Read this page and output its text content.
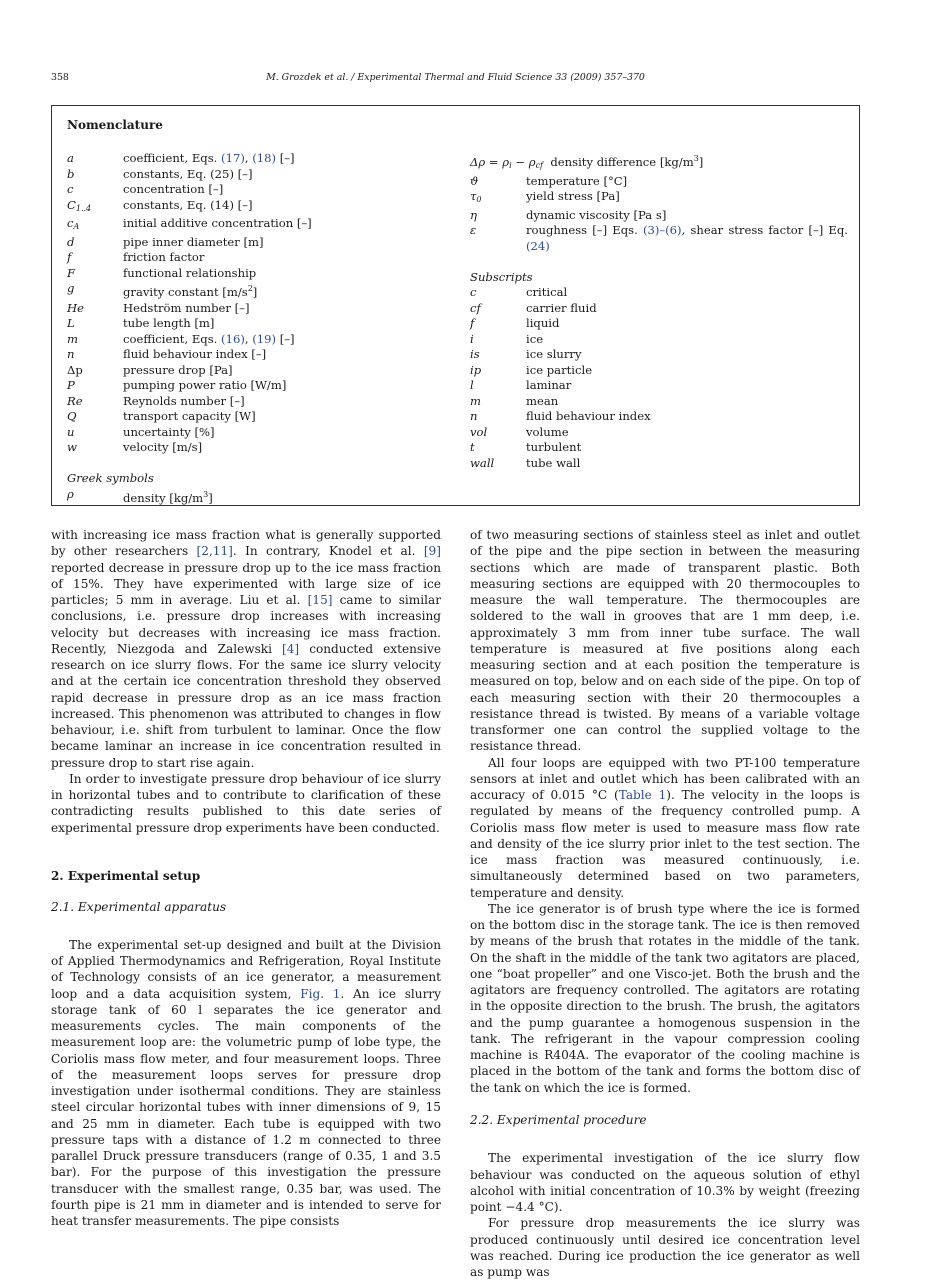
358	M. Grozdek et al. / Experimental Thermal and Fluid Science 33 (2009) 357–370
Nomenclature
a	coefficient, Eqs. (17), (18) [–]
b	constants, Eq. (25) [–]
c	concentration [–]
C1..4	constants, Eq. (14) [–]
cA	initial additive concentration [–]
d	pipe inner diameter [m]
f	friction factor
F	functional relationship
g	gravity constant $[m/s^2]$
He	Hedström number [–]
L	tube length [m]
m	coefficient, Eqs. (16), (19) [–]
n	fluid behaviour index [–]
Δp	pressure drop [Pa]
P	pumping power ratio [W/m]
Re	Reynolds number [–]
Q	transport capacity [W]
u	uncertainty [%]
w	velocity [m/s]
Greek symbols
ρ	density $[kg/m^3]$
Δρ = ρi − ρcf density difference $[kg/m^3]$
ϑ	temperature [°C]
τ0	yield stress [Pa]
η	dynamic viscosity [Pa s]
ε	roughness [–] Eqs. (3)–(6), shear stress factor [–] Eq. (24)
Subscripts
c	critical
cf	carrier fluid
f	liquid
i	ice
is	ice slurry
ip	ice particle
l	laminar
m	mean
n	fluid behaviour index
vol	volume
t	turbulent
wall	tube wall

with increasing ice mass fraction what is generally supported by other researchers [2,11]. In contrary, Knodel et al. [9] reported decrease in pressure drop up to the ice mass fraction of 15%. They have experimented with large size of ice particles; 5 mm in average. Liu et al. [15] came to similar conclusions, i.e. pressure drop increases with increasing velocity but decreases with increasing ice mass fraction. Recently, Niezgoda and Zalewski [4] conducted extensive research on ice slurry flows. For the same ice slurry velocity and at the certain ice concentration threshold they observed rapid decrease in pressure drop as an ice mass fraction increased. This phenomenon was attributed to changes in flow behaviour, i.e. shift from turbulent to laminar. Once the flow became laminar an increase in ice concentration resulted in pressure drop to start rise again.

In order to investigate pressure drop behaviour of ice slurry in horizontal tubes and to contribute to clarification of these contradicting results published to this date series of experimental pressure drop experiments have been conducted.

2. Experimental setup

2.1. Experimental apparatus

The experimental set-up designed and built at the Division of Applied Thermodynamics and Refrigeration, Royal Institute of Technology consists of an ice generator, a measurement loop and a data acquisition system, Fig. 1. An ice slurry storage tank of 60 l separates the ice generator and measurements cycles. The main components of the measurement loop are: the volumetric pump of lobe type, the Coriolis mass flow meter, and four measurement loops. Three of the measurement loops serves for pressure drop investigation under isothermal conditions. They are stainless steel circular horizontal tubes with inner dimensions of 9, 15 and 25 mm in diameter. Each tube is equipped with two pressure taps with a distance of 1.2 m connected to three parallel Druck pressure transducers (range of 0.35, 1 and 3.5 bar). For the purpose of this investigation the pressure transducer with the smallest range, 0.35 bar, was used. The fourth pipe is 21 mm in diameter and is intended to serve for heat transfer measurements. The pipe consists

of two measuring sections of stainless steel as inlet and outlet of the pipe and the pipe section in between the measuring sections which are made of transparent plastic. Both measuring sections are equipped with 20 thermocouples to measure the wall temperature. The thermocouples are soldered to the wall in grooves that are 1 mm deep, i.e. approximately 3 mm from inner tube surface. The wall temperature is measured at five positions along each measuring section and at each position the temperature is measured on top, below and on each side of the pipe. On top of each measuring section with their 20 thermocouples a resistance thread is twisted. By means of a variable voltage transformer one can control the supplied voltage to the resistance thread.

All four loops are equipped with two PT-100 temperature sensors at inlet and outlet which has been calibrated with an accuracy of 0.015 °C (Table 1). The velocity in the loops is regulated by means of the frequency controlled pump. A Coriolis mass flow meter is used to measure mass flow rate and density of the ice slurry prior inlet to the test section. The ice mass fraction was measured continuously, i.e. simultaneously determined based on two parameters, temperature and density.

The ice generator is of brush type where the ice is formed on the bottom disc in the storage tank. The ice is then removed by means of the brush that rotates in the middle of the tank. On the shaft in the middle of the tank two agitators are placed, one “boat propeller” and one Visco-jet. Both the brush and the agitators are frequency controlled. The agitators are rotating in the opposite direction to the brush. The brush, the agitators and the pump guarantee a homogenous suspension in the tank. The refrigerant in the vapour compression cooling machine is R404A. The evaporator of the cooling machine is placed in the bottom of the tank and forms the bottom disc of the tank on which the ice is formed.

2.2. Experimental procedure

The experimental investigation of the ice slurry flow behaviour was conducted on the aqueous solution of ethyl alcohol with initial concentration of 10.3% by weight (freezing point −4.4 °C).

For pressure drop measurements the ice slurry was produced continuously until desired ice concentration level was reached. During ice production the ice generator as well as pump was
